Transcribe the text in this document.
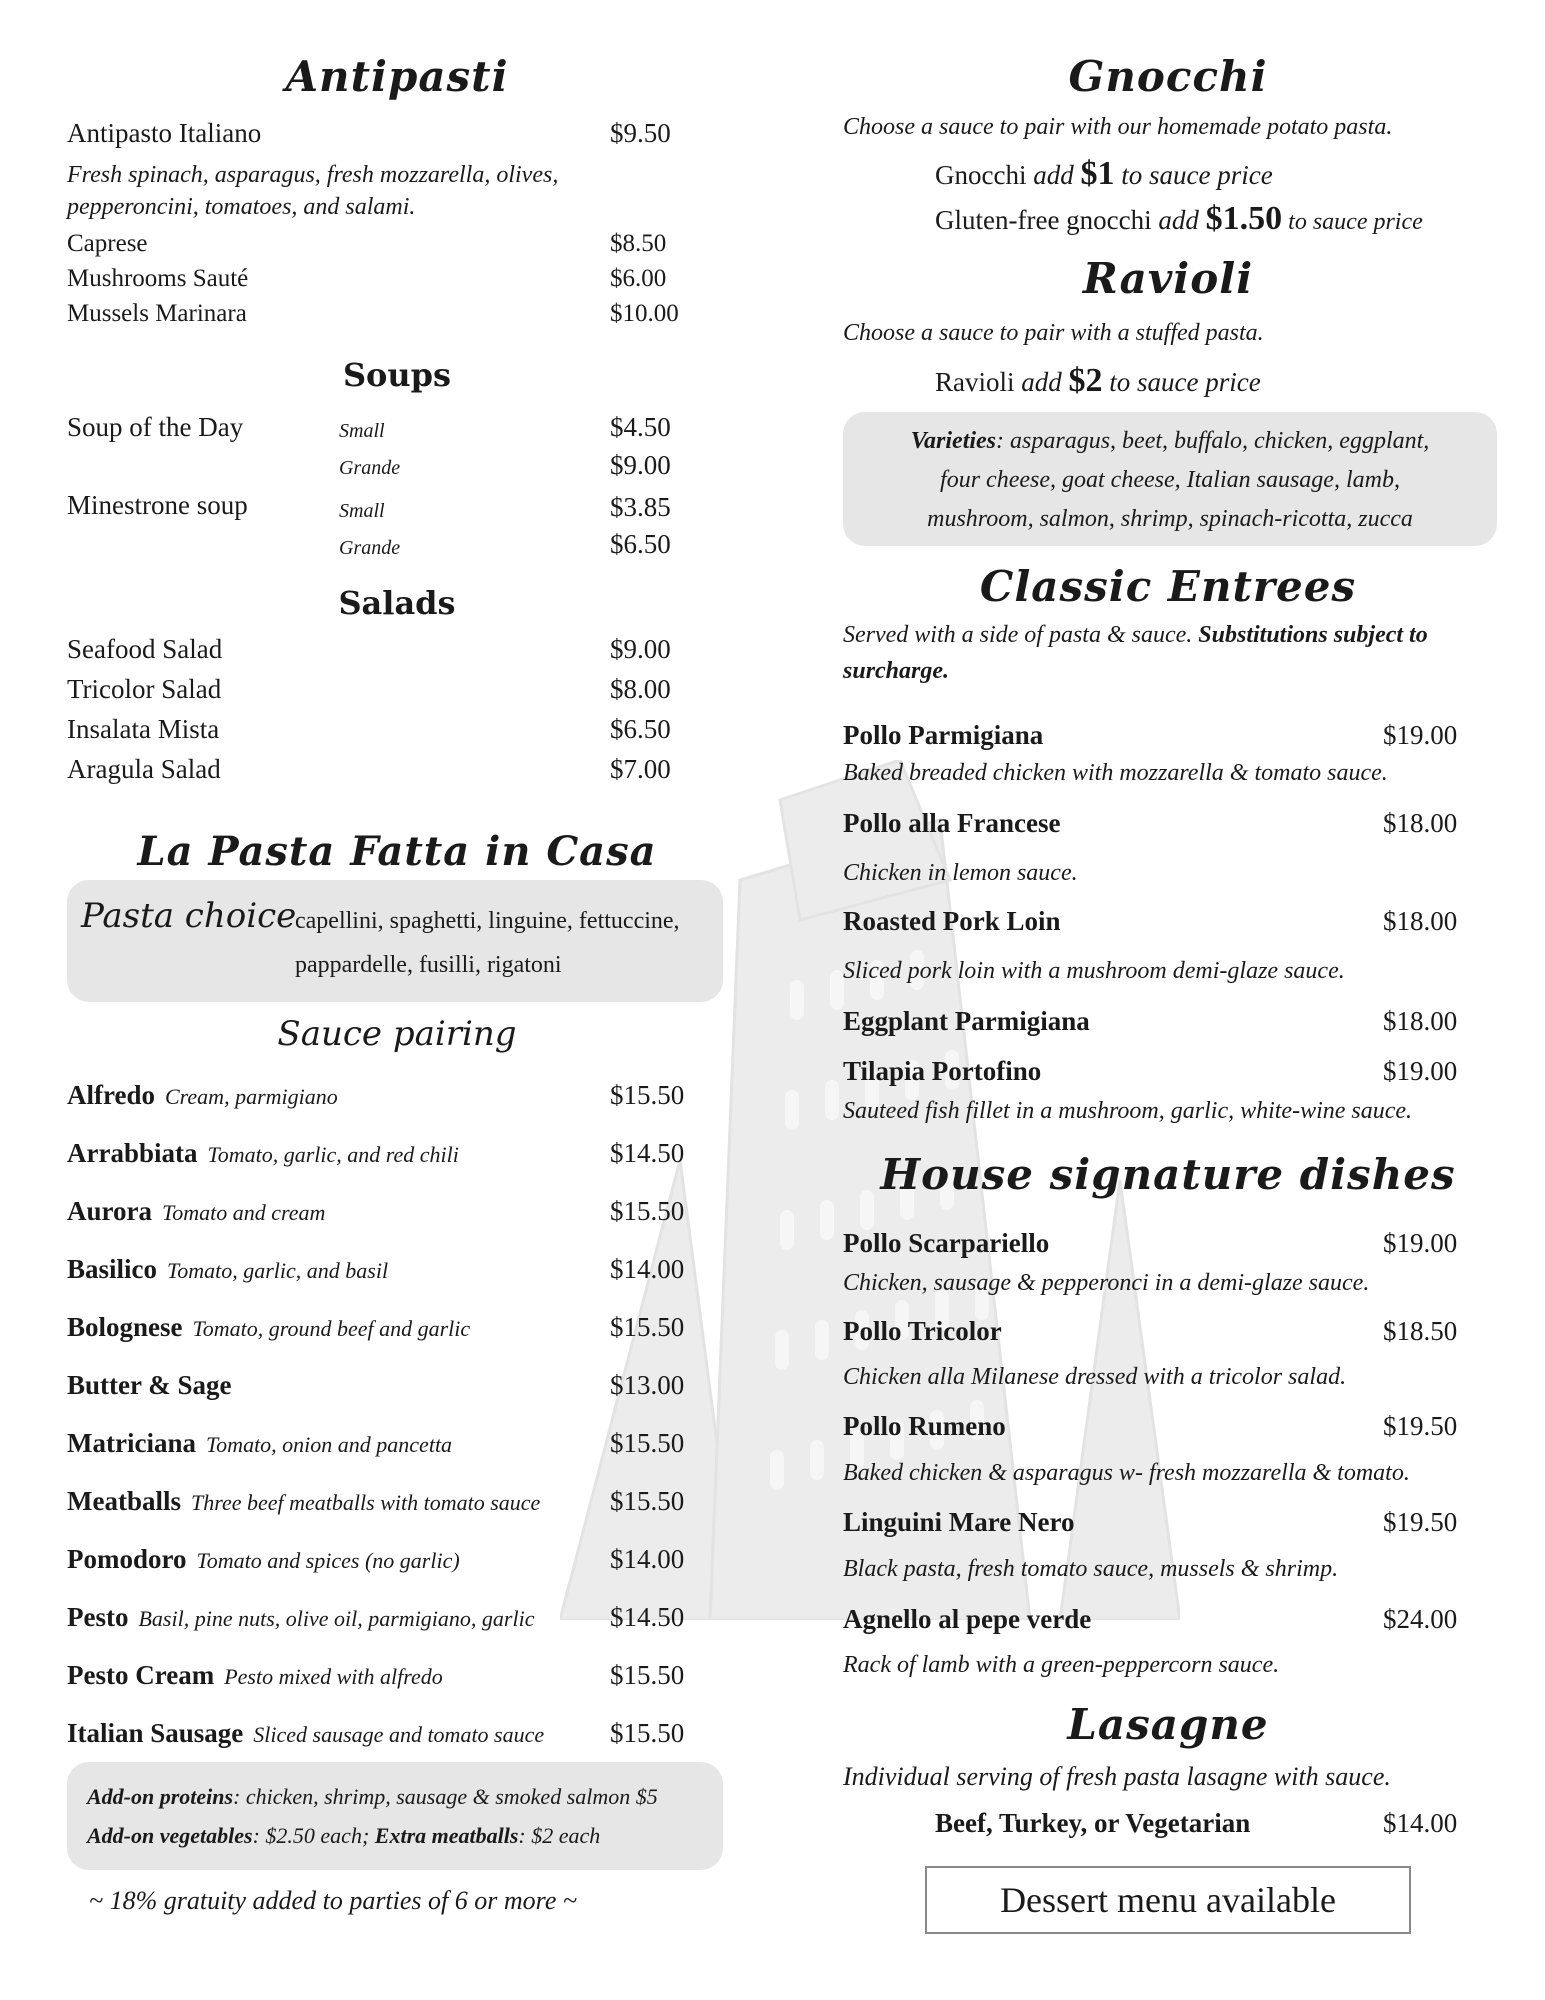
Antipasti
Antipasto Italiano	$9.50
Fresh spinach, asparagus, fresh mozzarella, olives,
pepperoncini, tomatoes, and salami.
Caprese	$8.50
Mushrooms Sauté	$6.00
Mussels Marinara	$10.00
Soups
Soup of the Day	Small	$4.50
Grande	$9.00
Minestrone soup	Small	$3.85
Grande	$6.50
Salads
Seafood Salad	$9.00
Tricolor Salad	$8.00
Insalata Mista	$6.50
Aragula Salad	$7.00
La Pasta Fatta in Casa
Pasta choice
capellini, spaghetti, linguine, fettuccine,
pappardelle, fusilli, rigatoni
Sauce pairing
Alfredo Cream, parmigiano	$15.50
Arrabbiata Tomato, garlic, and red chili	$14.50
Aurora Tomato and cream	$15.50
Basilico Tomato, garlic, and basil	$14.00
Bolognese Tomato, ground beef and garlic	$15.50
Butter & Sage	$13.00
Matriciana Tomato, onion and pancetta	$15.50
Meatballs Three beef meatballs with tomato sauce	$15.50
Pomodoro Tomato and spices (no garlic)	$14.00
Pesto Basil, pine nuts, olive oil, parmigiano, garlic	$14.50
Pesto Cream Pesto mixed with alfredo	$15.50
Italian Sausage Sliced sausage and tomato sauce $15.50
Add-on proteins: chicken, shrimp, sausage & smoked salmon $5
Add-on vegetables: $2.50 each; Extra meatballs: $2 each
~ 18% gratuity added to parties of 6 or more ~
Gnocchi
Choose a sauce to pair with our homemade potato pasta.
Gnocchi add $1 to sauce price
Gluten-free gnocchi add $1.50 to sauce price
Ravioli
Choose a sauce to pair with a stuffed pasta.
Ravioli add $2 to sauce price
Varieties: asparagus, beet, buffalo, chicken, eggplant,
four cheese, goat cheese, Italian sausage, lamb,
mushroom, salmon, shrimp, spinach-ricotta, zucca
Classic Entrees
Served with a side of pasta & sauce. Substitutions subject to
surcharge.
Pollo Parmigiana	$19.00
Baked breaded chicken with mozzarella & tomato sauce.
Pollo alla Francese	$18.00
Chicken in lemon sauce.
Roasted Pork Loin	$18.00
Sliced pork loin with a mushroom demi-glaze sauce.
Eggplant Parmigiana	$18.00
Tilapia Portofino	$19.00
Sauteed fish fillet in a mushroom, garlic, white-wine sauce.
House signature dishes
Pollo Scarpariello	$19.00
Chicken, sausage & pepperonci in a demi-glaze sauce.
Pollo Tricolor	$18.50
Chicken alla Milanese dressed with a tricolor salad.
Pollo Rumeno	$19.50
Baked chicken & asparagus w- fresh mozzarella & tomato.
Linguini Mare Nero	$19.50
Black pasta, fresh tomato sauce, mussels & shrimp.
Agnello al pepe verde	$24.00
Rack of lamb with a green-peppercorn sauce.
Lasagne
Individual serving of fresh pasta lasagne with sauce.
Beef, Turkey, or Vegetarian	$14.00
Dessert menu available
